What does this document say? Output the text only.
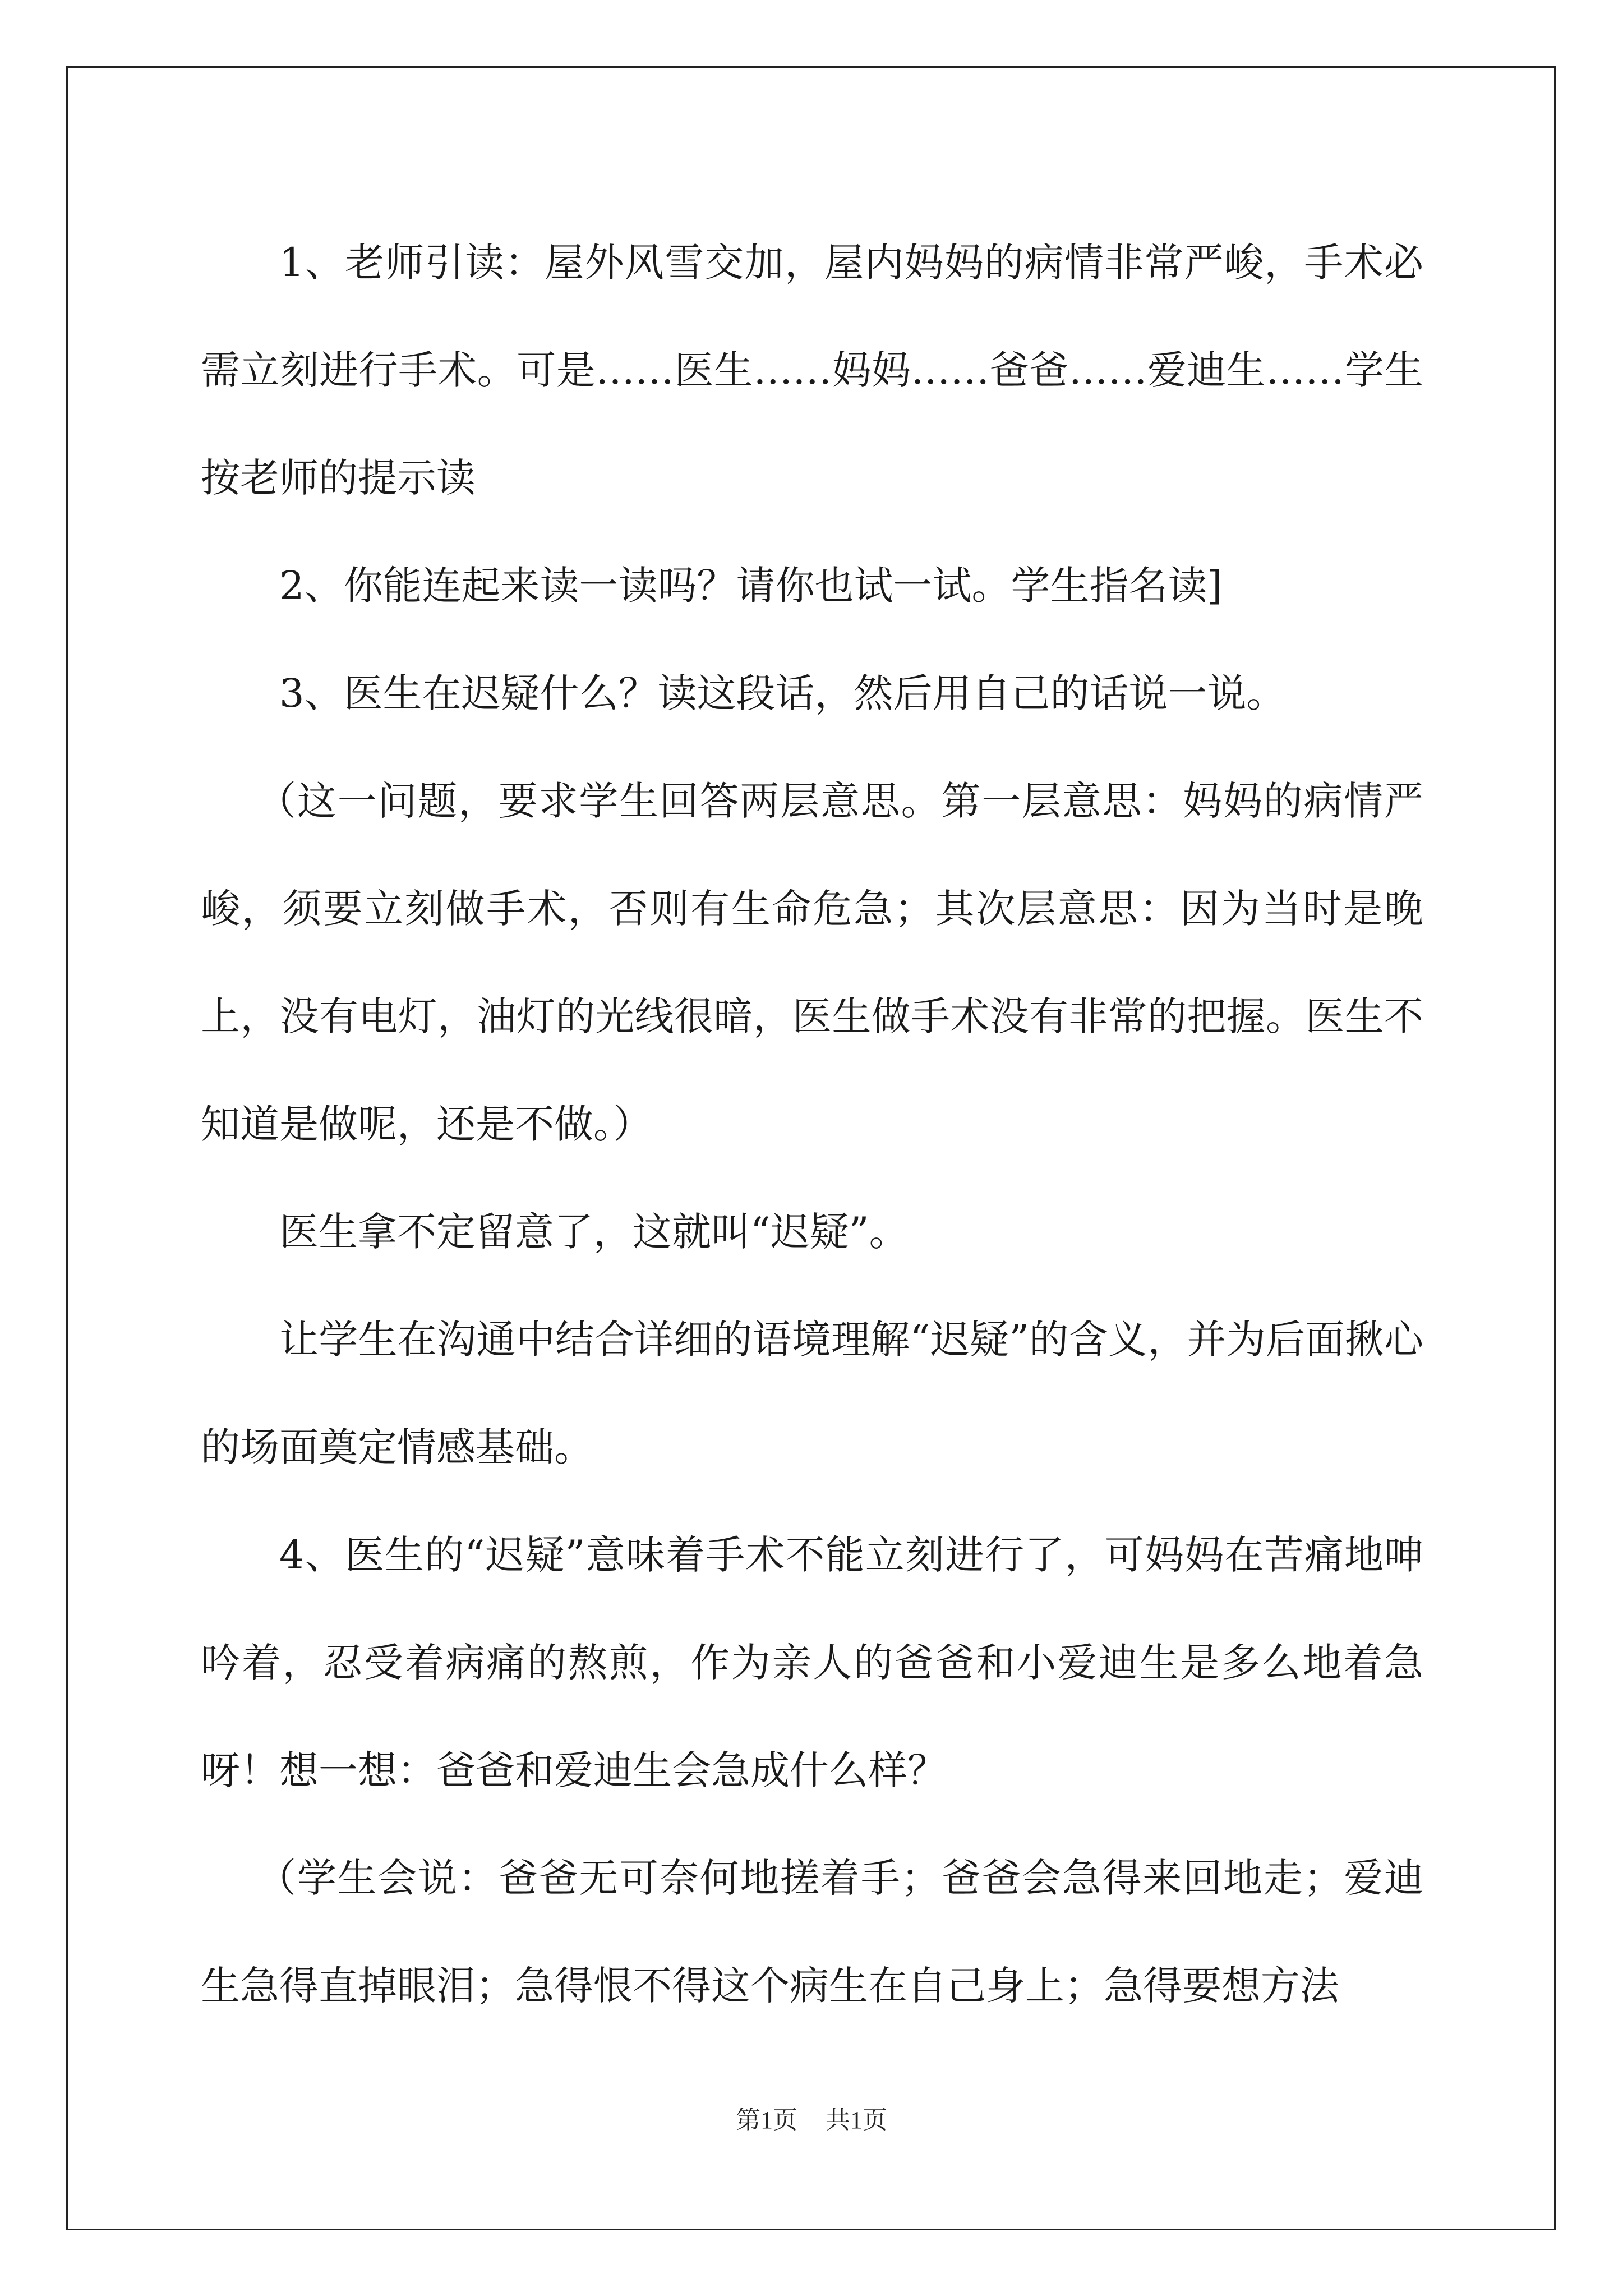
1、老师引读：屋外风雪交加，屋内妈妈的病情非常严峻，手术必需立刻进行手术。可是……医生……妈妈……爸爸……爱迪生……学生按老师的提示读

2、你能连起来读一读吗？请你也试一试。学生指名读]

3、医生在迟疑什么？读这段话，然后用自己的话说一说。

（这一问题，要求学生回答两层意思。第一层意思：妈妈的病情严峻，须要立刻做手术，否则有生命危急；其次层意思：因为当时是晚上，没有电灯，油灯的光线很暗，医生做手术没有非常的把握。医生不知道是做呢，还是不做。）

医生拿不定留意了，这就叫“迟疑”。

让学生在沟通中结合详细的语境理解“迟疑”的含义，并为后面揪心的场面奠定情感基础。

4、医生的“迟疑”意味着手术不能立刻进行了，可妈妈在苦痛地呻吟着，忍受着病痛的熬煎，作为亲人的爸爸和小爱迪生是多么地着急呀！想一想：爸爸和爱迪生会急成什么样？

（学生会说：爸爸无可奈何地搓着手；爸爸会急得来回地走；爱迪生急得直掉眼泪；急得恨不得这个病生在自己身上；急得要想方法

第1页 共1页
